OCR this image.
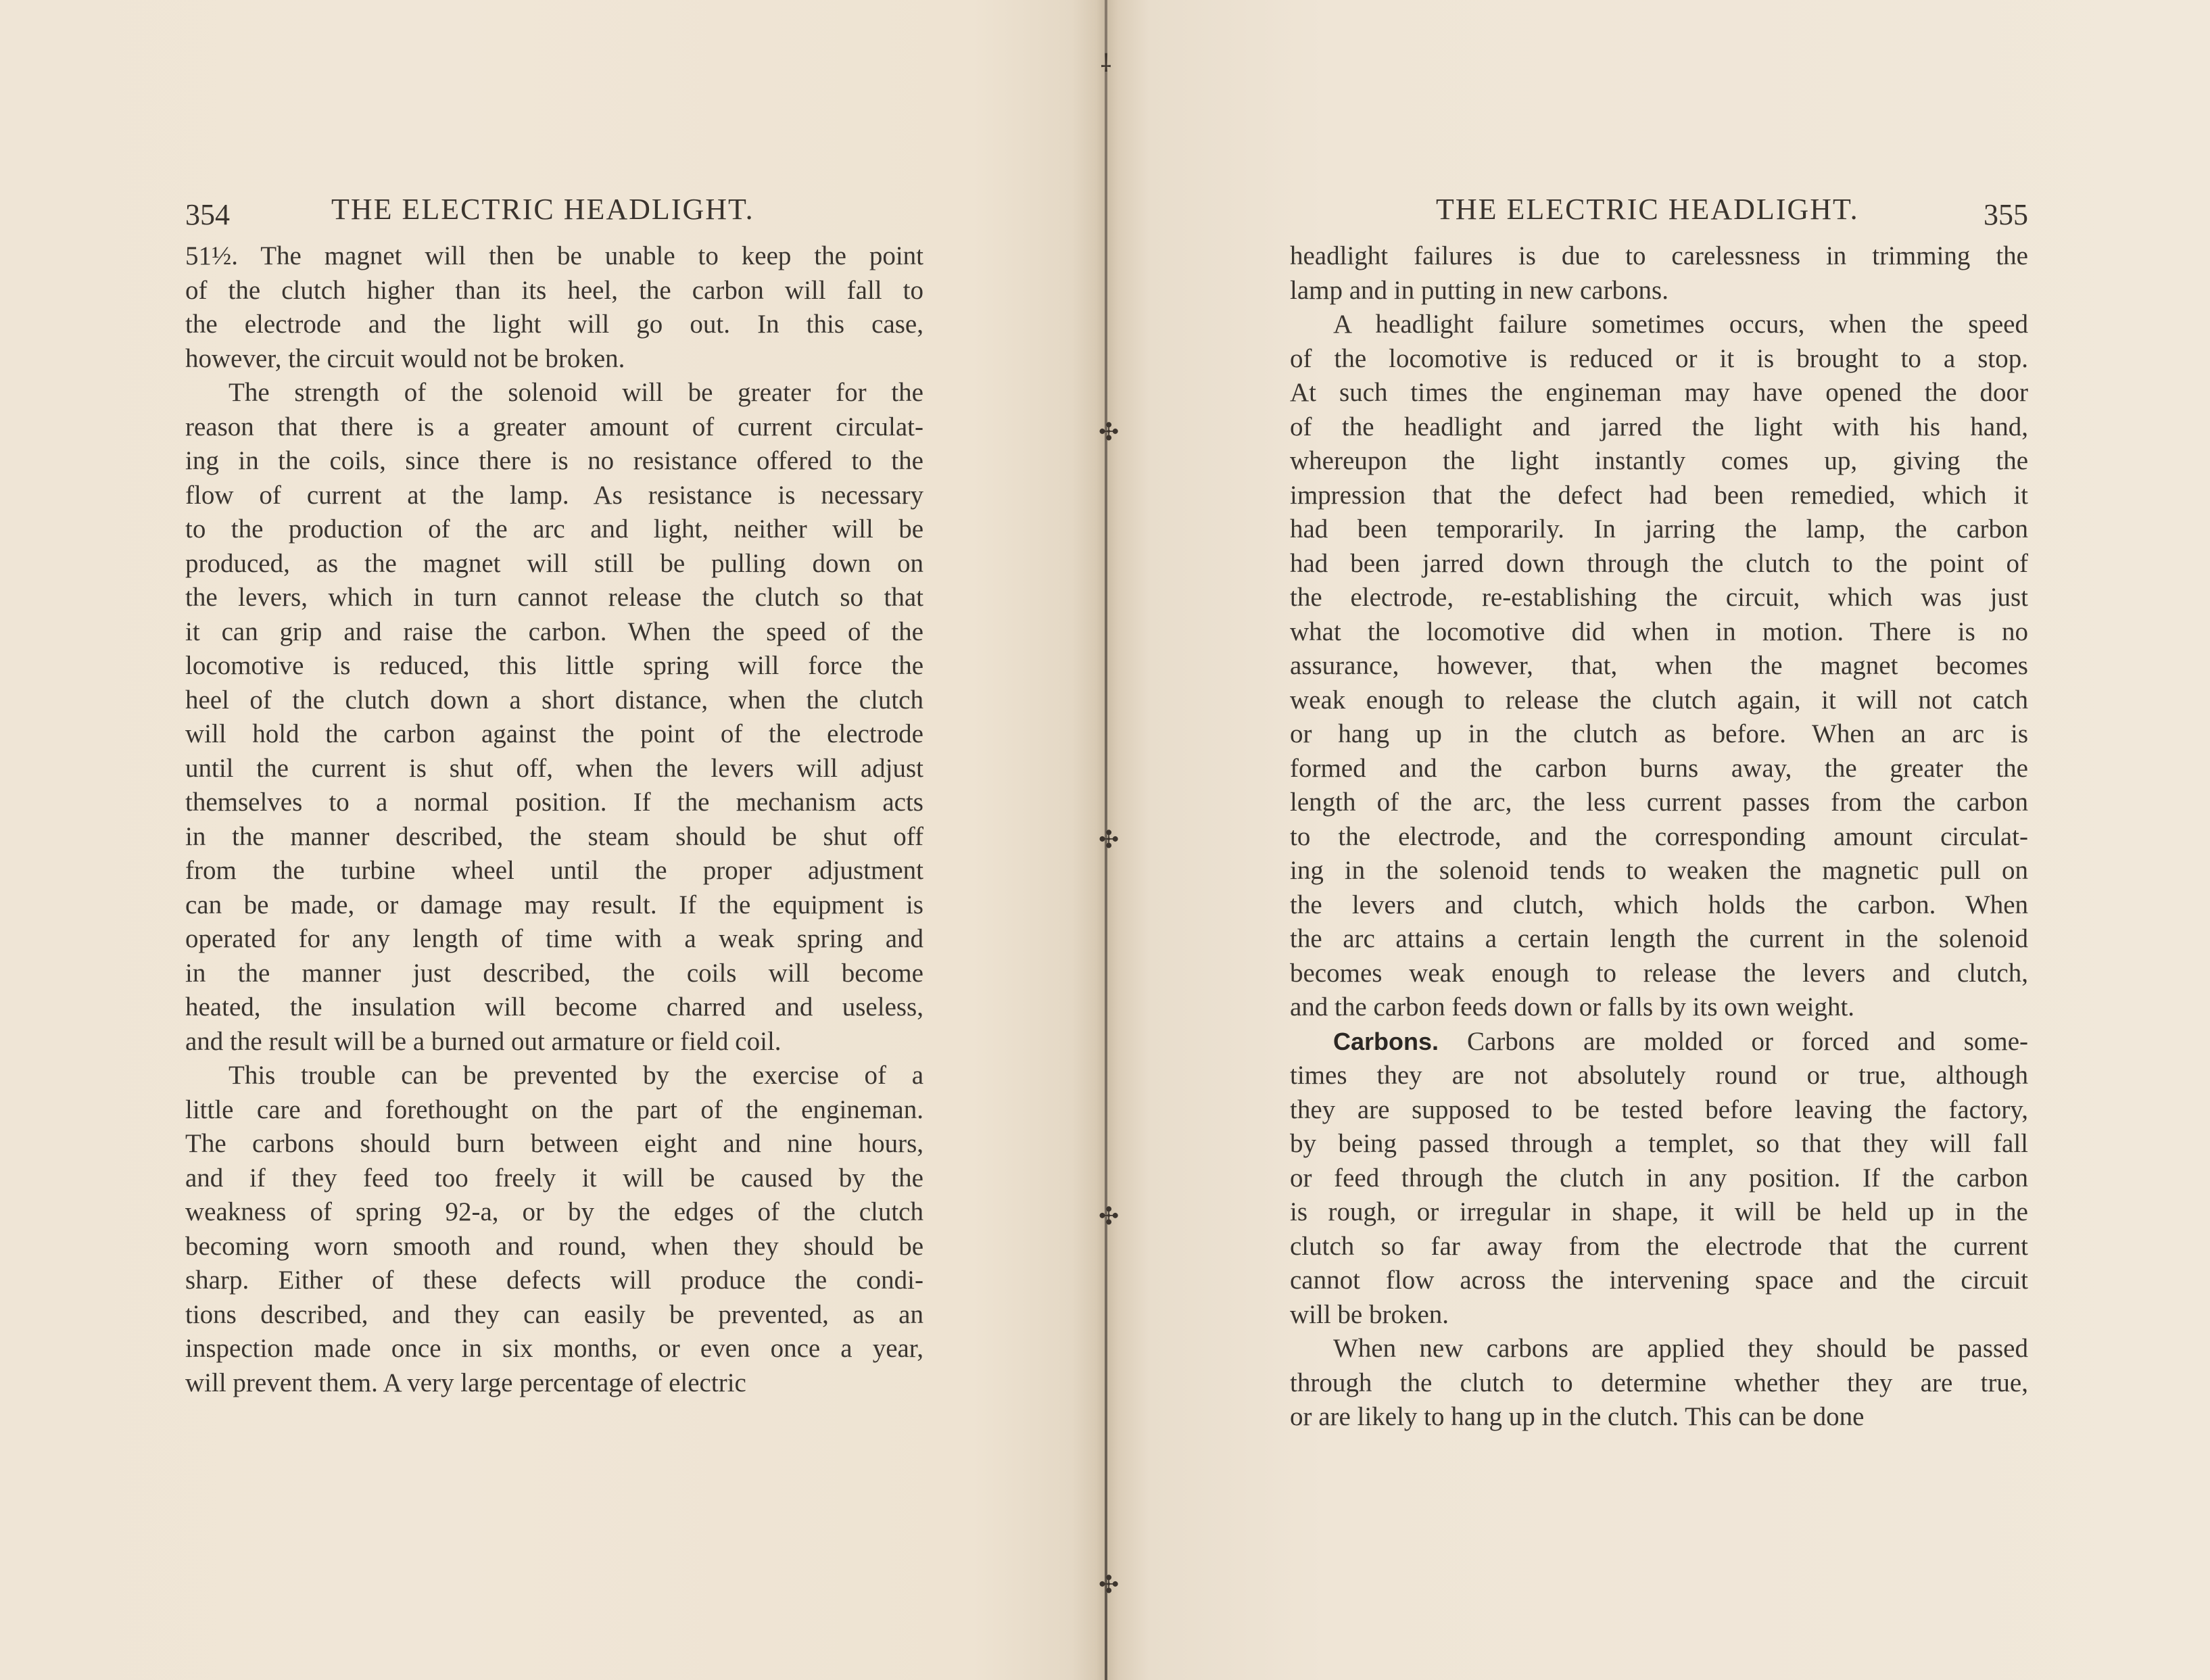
⸸
✣
✣
✣
✣
354	THE ELECTRIC HEADLIGHT.

51½. The magnet will then be unable to keep the point
of the clutch higher than its heel, the carbon will fall to
the electrode and the light will go out. In this case,
however, the circuit would not be broken.

The strength of the solenoid will be greater for the
reason that there is a greater amount of current circulat-
ing in the coils, since there is no resistance offered to the
flow of current at the lamp. As resistance is necessary
to the production of the arc and light, neither will be
produced, as the magnet will still be pulling down on
the levers, which in turn cannot release the clutch so that
it can grip and raise the carbon. When the speed of the
locomotive is reduced, this little spring will force the
heel of the clutch down a short distance, when the clutch
will hold the carbon against the point of the electrode
until the current is shut off, when the levers will adjust
themselves to a normal position. If the mechanism acts
in the manner described, the steam should be shut off
from the turbine wheel until the proper adjustment
can be made, or damage may result. If the equipment is
operated for any length of time with a weak spring and
in the manner just described, the coils will become
heated, the insulation will become charred and useless,
and the result will be a burned out armature or field coil.

This trouble can be prevented by the exercise of a
little care and forethought on the part of the engineman.
The carbons should burn between eight and nine hours,
and if they feed too freely it will be caused by the
weakness of spring 92-a, or by the edges of the clutch
becoming worn smooth and round, when they should be
sharp. Either of these defects will produce the condi-
tions described, and they can easily be prevented, as an
inspection made once in six months, or even once a year,
will prevent them. A very large percentage of electric

THE ELECTRIC HEADLIGHT.	355

headlight failures is due to carelessness in trimming the
lamp and in putting in new carbons.

A headlight failure sometimes occurs, when the speed
of the locomotive is reduced or it is brought to a stop.
At such times the engineman may have opened the door
of the headlight and jarred the light with his hand,
whereupon the light instantly comes up, giving the
impression that the defect had been remedied, which it
had been temporarily. In jarring the lamp, the carbon
had been jarred down through the clutch to the point of
the electrode, re-establishing the circuit, which was just
what the locomotive did when in motion. There is no
assurance, however, that, when the magnet becomes
weak enough to release the clutch again, it will not catch
or hang up in the clutch as before. When an arc is
formed and the carbon burns away, the greater the
length of the arc, the less current passes from the carbon
to the electrode, and the corresponding amount circulat-
ing in the solenoid tends to weaken the magnetic pull on
the levers and clutch, which holds the carbon. When
the arc attains a certain length the current in the solenoid
becomes weak enough to release the levers and clutch,
and the carbon feeds down or falls by its own weight.

Carbons. Carbons are molded or forced and some-
times they are not absolutely round or true, although
they are supposed to be tested before leaving the factory,
by being passed through a templet, so that they will fall
or feed through the clutch in any position. If the carbon
is rough, or irregular in shape, it will be held up in the
clutch so far away from the electrode that the current
cannot flow across the intervening space and the circuit
will be broken.

When new carbons are applied they should be passed
through the clutch to determine whether they are true,
or are likely to hang up in the clutch. This can be done
